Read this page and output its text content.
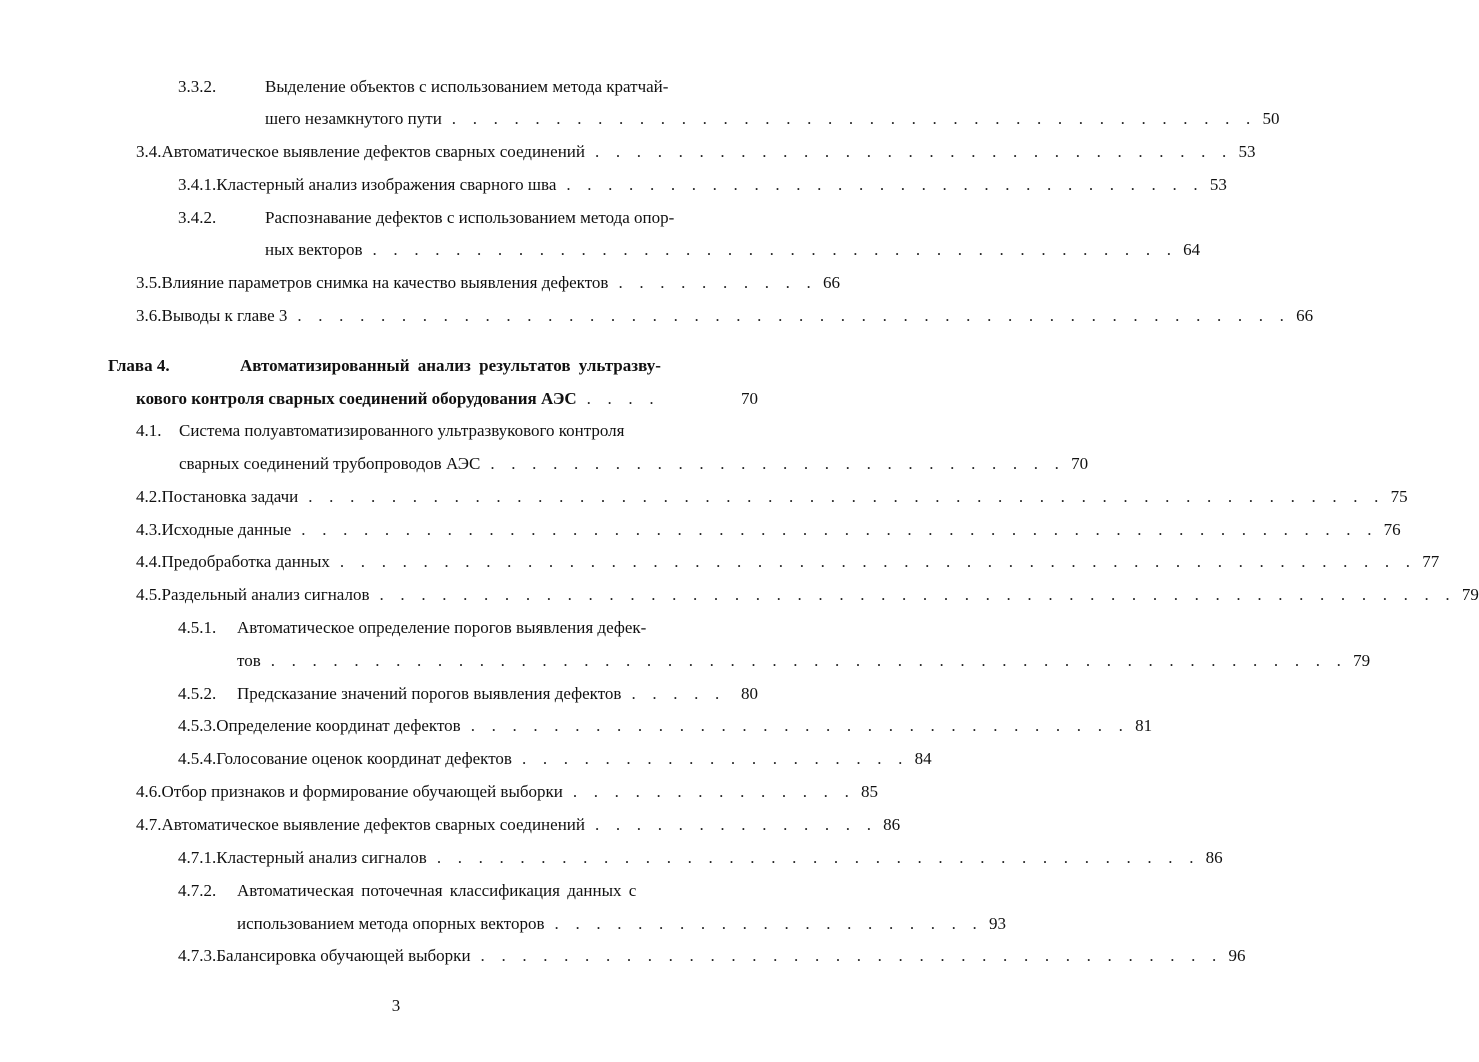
3.3.2.	Выделение объектов с использованием метода кратчай-
шего незамкнутого пути . . . . . . . . . . . . . . . . . . . . . . . . . . . . . . . . . . . . . . . 50
3.4. Автоматическое выявление дефектов сварных соединений . . . . . . . . . . . . . . . . . . . . . . . . . . . . . . . 53
3.4.1. Кластерный анализ изображения сварного шва . . . . . . . . . . . . . . . . . . . . . . . . . . . . . . . 53
3.4.2.	Распознавание дефектов с использованием метода опор-
ных векторов . . . . . . . . . . . . . . . . . . . . . . . . . . . . . . . . . . . . . . . 64
3.5. Влияние параметров снимка на качество выявления дефектов . . . . . . . . . . 66
3.6. Выводы к главе 3 . . . . . . . . . . . . . . . . . . . . . . . . . . . . . . . . . . . . . . . . . . . . . . . . 66
Глава 4.	Автоматизированный анализ результатов ультразву-
кового контроля сварных соединений оборудования АЭС . . . .	70
4.1.	Система полуавтоматизированного ультразвукового контроля
сварных соединений трубопроводов АЭС . . . . . . . . . . . . . . . . . . . . . . . . . . . . 70
4.2. Постановка задачи . . . . . . . . . . . . . . . . . . . . . . . . . . . . . . . . . . . . . . . . . . . . . . . . . . . . 75
4.3. Исходные данные . . . . . . . . . . . . . . . . . . . . . . . . . . . . . . . . . . . . . . . . . . . . . . . . . . . . 76
4.4. Предобработка данных . . . . . . . . . . . . . . . . . . . . . . . . . . . . . . . . . . . . . . . . . . . . . . . . . . . . 77
4.5. Раздельный анализ сигналов . . . . . . . . . . . . . . . . . . . . . . . . . . . . . . . . . . . . . . . . . . . . . . . . . . . . 79
4.5.1.	Автоматическое определение порогов выявления дефек-
тов . . . . . . . . . . . . . . . . . . . . . . . . . . . . . . . . . . . . . . . . . . . . . . . . . . . . 79
4.5.2.	Предсказание значений порогов выявления дефектов . . . . . 80
4.5.3. Определение координат дефектов . . . . . . . . . . . . . . . . . . . . . . . . . . . . . . . . 81
4.5.4. Голосование оценок координат дефектов . . . . . . . . . . . . . . . . . . . 84
4.6. Отбор признаков и формирование обучающей выборки . . . . . . . . . . . . . . 85
4.7. Автоматическое выявление дефектов сварных соединений . . . . . . . . . . . . . . 86
4.7.1. Кластерный анализ сигналов . . . . . . . . . . . . . . . . . . . . . . . . . . . . . . . . . . . . . 86
4.7.2.	Автоматическая поточечная классификация данных с
использованием метода опорных векторов . . . . . . . . . . . . . . . . . . . . . 93
4.7.3. Балансировка обучающей выборки . . . . . . . . . . . . . . . . . . . . . . . . . . . . . . . . . . . . 96
3
